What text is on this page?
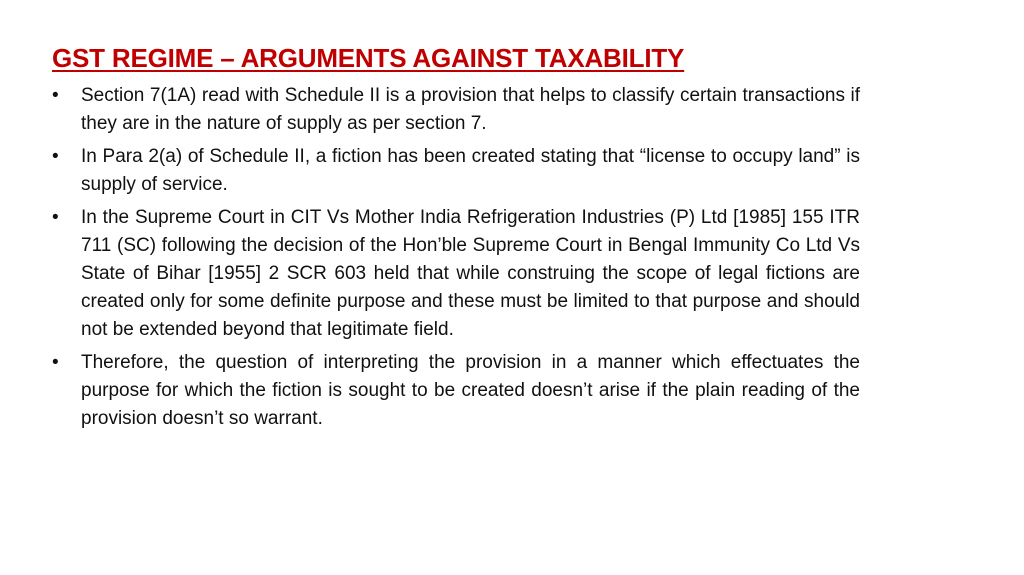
GST REGIME – ARGUMENTS AGAINST TAXABILITY
• Section 7(1A) read with Schedule II is a provision that helps to classify certain transactions if they are in the nature of supply as per section 7.
• In Para 2(a) of Schedule II, a fiction has been created stating that “license to occupy land” is supply of service.
• In the Supreme Court in CIT Vs Mother India Refrigeration Industries (P) Ltd [1985] 155 ITR 711 (SC) following the decision of the Hon’ble Supreme Court in Bengal Immunity Co Ltd Vs State of Bihar [1955] 2 SCR 603 held that while construing the scope of legal fictions are created only for some definite purpose and these must be limited to that purpose and should not be extended beyond that legitimate field.
• Therefore, the question of interpreting the provision in a manner which effectuates the purpose for which the fiction is sought to be created doesn’t arise if the plain reading of the provision doesn’t so warrant.
